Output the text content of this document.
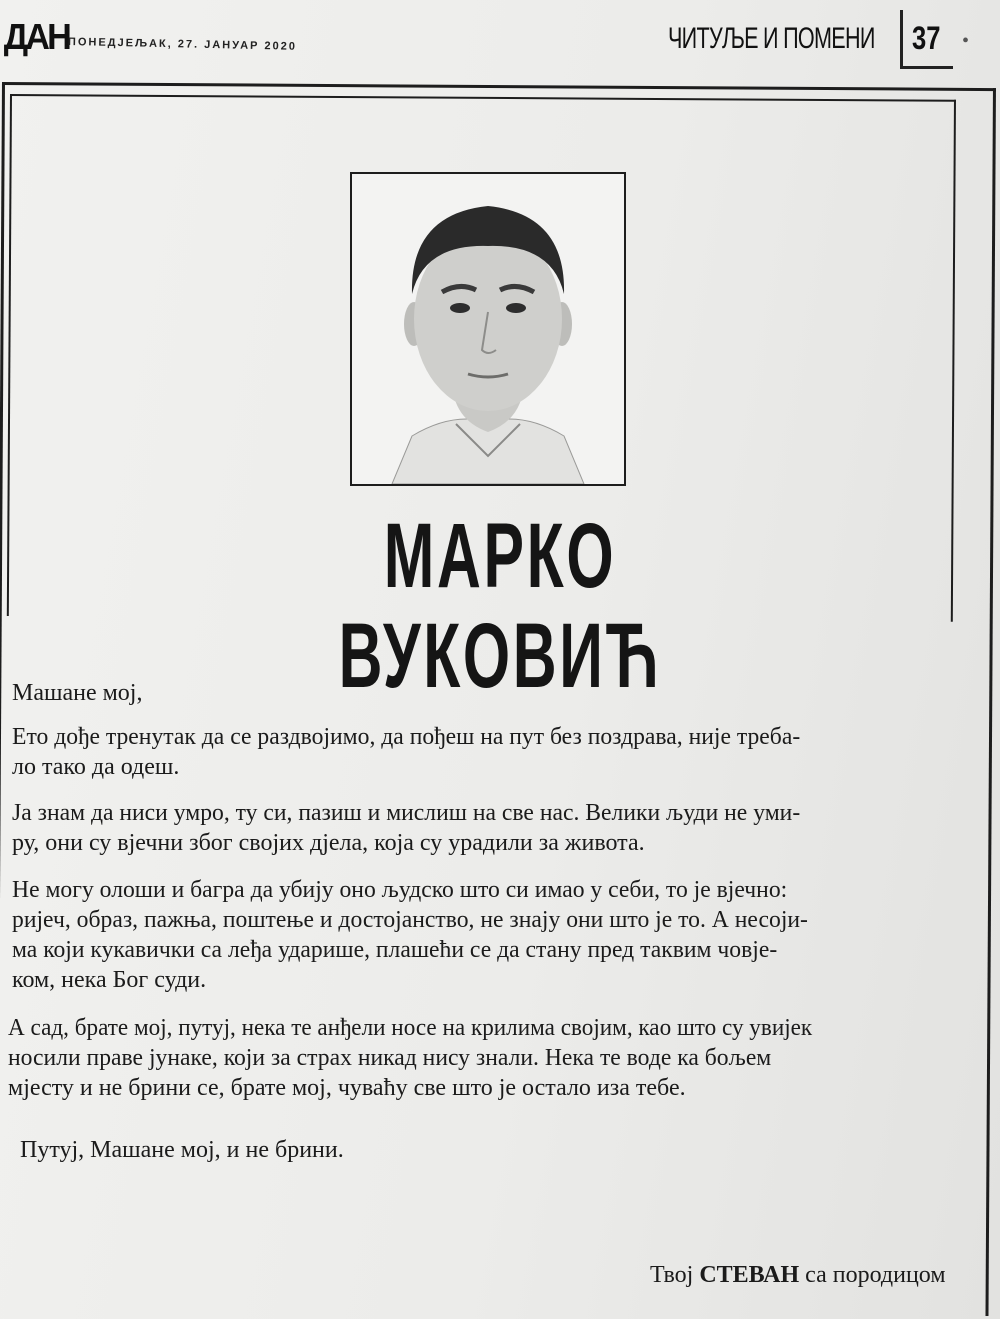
ДАН
ПОНЕДЈЕЉАК, 27. ЈАНУАР 2020	ЧИТУЉЕ И ПОМЕНИ 37 •
МАРКО ВУКОВИЋ
Машане мој,
Ето дође тренутак да се раздвојимо, да пођеш на пут без поздрава, није треба-
ло тако да одеш.
Ја знам да ниси умро, ту си, пазиш и мислиш на све нас. Велики људи не уми-
ру, они су вјечни због својих дјела, која су урадили за живота.
Не могу олоши и багра да убију оно људско што си имао у себи, то је вјечно:
ријеч, образ, пажња, поштење и достојанство, не знају они што је то. А несоји-
ма који кукавички са леђа ударише, плашећи се да стану пред таквим човје-
ком, нека Бог суди.
А сад, брате мој, путуј, нека те анђели носе на крилима својим, као што су увијек
носили праве јунаке, који за страх никад нису знали. Нека те воде ка бољем
мјесту и не брини се, брате мој, чуваћу све што је остало иза тебе.
Путуј, Машане мој, и не брини.
Твој СТЕВАН са породицом
